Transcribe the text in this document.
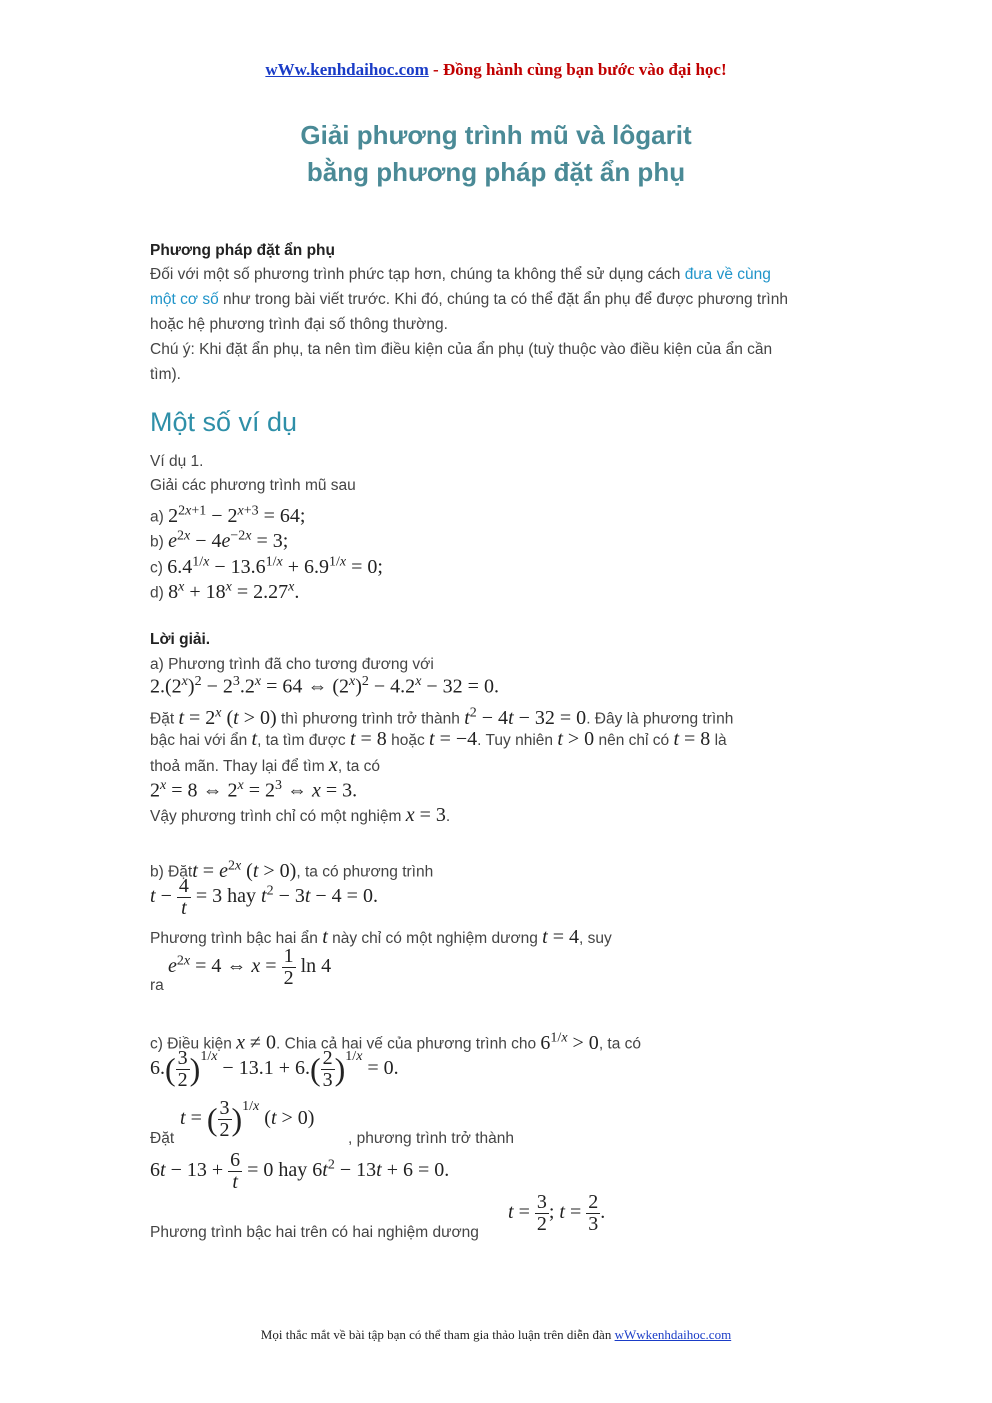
wWw.kenhdaihoc.com - Đồng hành cùng bạn bước vào đại học!
Giải phương trình mũ và lôgarit
bằng phương pháp đặt ẩn phụ
Phương pháp đặt ẩn phụ
Đối với một số phương trình phức tạp hơn, chúng ta không thể sử dụng cách đưa về cùng
một cơ số như trong bài viết trước. Khi đó, chúng ta có thể đặt ẩn phụ để được phương trình
hoặc hệ phương trình đại số thông thường.
Chú ý: Khi đặt ẩn phụ, ta nên tìm điều kiện của ẩn phụ (tuỳ thuộc vào điều kiện của ẩn cần
tìm).
Một số ví dụ
Ví dụ 1.
Giải các phương trình mũ sau
a) $2^{2x+1} - 2^{x+3} = 64$;
b) $e^{2x} - 4e^{-2x} = 3$;
c) $6.4^{1/x} - 13.6^{1/x} + 6.9^{1/x} = 0$;
d) $8^x + 18^x = 2.27^x$.
Lời giải.
a) Phương trình đã cho tương đương với
$2.(2^x)^2 - 2^3.2^x = 64$ ⇔ $(2^x)^2 - 4.2^x - 32 = 0$.
Đặt $t = 2^x$ (t > 0) thì phương trình trở thành $t^2 - 4t - 32 = 0$. Đây là phương trình
bậc hai với ẩn t, ta tìm được t = 8 hoặc t = −4. Tuy nhiên t > 0 nên chỉ có t = 8 là
thoả mãn. Thay lại để tìm x, ta có
$2^x = 8$ ⇔ $2^x = 2^3$ ⇔ x = 3.
Vậy phương trình chỉ có một nghiệm x = 3.
b) Đặtt = $e^{2x}$ (t > 0), ta có phương trình
$t - \frac{4}{t} = 3$ hay $t^2 - 3t - 4 = 0$.
Phương trình bậc hai ẩn t này chỉ có một nghiệm dương t = 4, suy
ra
$e^{2x} = 4$ ⇔ $x = \frac{1}{2}$ ln 4
c) Điều kiện x ≠ 0. Chia cả hai vế của phương trình cho $6^{1/x} > 0$, ta có
$6.( \frac{3}{2} )^{1/x} - 13.1 + 6.( \frac{2}{3} )^{1/x} = 0$.
Đặt
t = ( $\frac{3}{2} )^{1/x}$ (t > 0)
, phương trình trở thành
$6t - 13 + \frac{6}{t} = 0$ hay $6t^2 - 13t + 6 = 0$.
Phương trình bậc hai trên có hai nghiệm dương
$t = \frac{3}{2}$ ; $t = \frac{2}{3}$ .
Mọi thắc mắt về bài tập bạn có thể tham gia thảo luận trên diễn đàn wWwkenhdaihoc.com
